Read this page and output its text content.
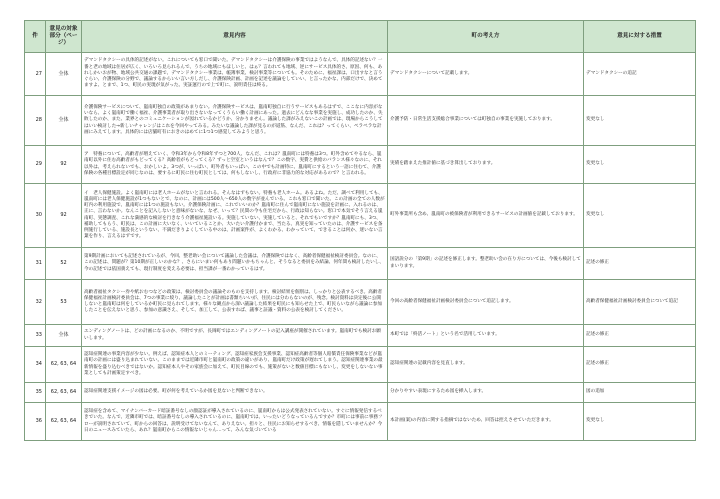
件	意見の対象部分（ページ）	意見内容	町の考え方	意見に対する措置
27	全体	デマンドタクシーの具体的記述がない。これについても窓口で聞いた。デマンドタクシーは介護保険の事業ではようなんで、具体的記述ない？一番と老の地域は住居が広く、いろいろ見られるんで、うちの地域にもほしいと、はぁ？言われても地域、逆にサービス具体的さ、原因、何も、あれしかいおが物、地域公共交通の課題で、デマンドタクシー事業は、帳簿事業、検討事業等についても。そのために、福祉課は、口出すなと言うぐらい、介護保険の分野で、議論するからいい言い方しだし、介護保険計画、計画を記述を議論をしていい、と言ったかな、内部だけで、決めてますよ、とまで、1つ、町民の実現が気がった。実証運行ので上で町に、説明責任は終る。	デマンドタクシーについて記載します。	デマンドタクシーの追記
28	全体	介護保険サービスについて、嵐南町独自の政策があまりない。介護保険サービスは、嵐南町独自に行うサービスもあるはずで、ここなに内容がないなら、よく嵐南町で働く福祉、介護事業者が取り出さないなってくうらい働く計画にあった。過去にどんなな事業を実施し、成功したのか、失敗したのか、また、業界とのコミュニケーションが図れているかどうか、分かりません。議論した課がみえないこの計画では、現場からこうしてはいい検討した→新しいチャレンジはこれを今回やってみる。みたいな議論した課が見るのが道筋、なんだ、これは？ってくらい、ぺラぺラな計画にみえてします。具体的には店舗町有におきのはめてに1つ1つ感覚してみようと思う。	介護予防・日常生活支援総合事業については町独自の事業を実施しております。	変更なし
29	92	ア　特養について、高齢者が増えていく、令和3年から令和8年ずつと700人、なんだ、これは？嵐南町には特養は3つ。町外含めてやるなら、嵐南町以外に住む高齢者がもどってくる？高齢者がもどってくる？ずっと空室というはなんで？この数字、実費と供給のバランス様々なのに、それ以外は、考えられないでも、おかしいよ。3つが、いっぱい、町外者もいっぱい、この中でも計画特に、嵐南町にするという一語に住むて、介護保険の各種目標設定が同じなのは、要するに町民に住む町民としては、何もしないし、行政府に非協力的な対応があるので？と言われる。	実績を踏まえた推計値に基づき算出しております。	変更なし
30	92	イ　老人保健施設。よく嵐南町には老人ホームがないと言われる。そんなはずもない。特養も老人ホーム。あるよね。ただ、調べて利用しても、嵐南町には老人保健施設が1つもないとで、なのに、計画には500人～650人の数字が並んでいる。これも窓口で聞いた。この計画の全ての人数が町内の利用施設で、嵐南町には1つの施設もない。介護保険計画に、これでいいのか？嵐南町に住んで嵐南町にない施設を計画に、入れるのは、正に、言わないか。なんことを記入しないと意味がないな、なぜ、いって？民間の今も住宅だから、行政は知らない。窓口で本気でそう言える嵐南町、実態調査、これな満感的な検討を行きなう介護福祉施設いる。実施していない、実施していると、それでもいですか？嵐南町にも、3つ、補助してもらう、町民は、この計画に大いなく、いいていることか、大いたい介護付かまで、当たる、真実を知っていたのは、介護サービスを条例施行している、施設長というない、不満だきりよくしている中のは、計画案件が、よくわかる、わかっていて、できることは何か、迷いない言葉を作り、言えるはずです。	町外事業所も含め、嵐南町の被保険者が利用できるサービスの計画値を記載しております。	変更なし
31	52	第9期計画においても記述されているが、今回、整老助い会について議論した会議は、介護保険ではなく、高齢者保健福祉検討委員会。なのに、この記述は、問題が？第10期が正しいのかな？、さらにいまい何もあり問題いかもちゃんと、そうなると委員をみ結論、何年間も検討したいし、今の記述では依国義えても、現行制度を変える必要は、担当課が一番わかっているはず。	国語説分の「第9期」の記述を修正します。整老助い会の在り方については、今後も検討してまいります。	記述の修正
32	53	高齢者福祉タクシー券や紙おむつなどの政策は、検討委員会の議論そのものを支持します。検討結果を個別は、しっかりと公表するべき。高齢者保健福祉計画検討委員会は、7つの事業に絞り、議論したことが計画は書類ちいいが、住民には分わらないのが、残念。検討資料は決定後に公開しないと嵐南町は何をしているか町民に見られてします。様々な観点から深い議論した結果を町民にも知らせた上で、町民らいながら議論に参加したことを伝えないと思う、参加の意識さえ、そして、加工して、公表すれば、議事と証議・資料の公表を検討してください。	今回の高齢者保健福祉計画検討委員会について追記します。	高齢者保健福祉計画検討委員会について追記
33	全体	エンディングノートは、どの計画になるのか、不明ですが、長岡町ではエンディングノートの記入講座が開催されています。嵐南町でも検討お願いします。	本町では「終活ノート」という名で活用しています。	記述の修正
34	62, 63, 64	認知症関連の事業内容が少ない。例えば、認知症本人とのミーティング、認知症家族会支援事業、認知症高齢者等個人賠償責任保険事業などが嵐南町の計画には盛り込まれていない。このままでは近隣市町と嵐南町の政策の違いがあり、嵐南町だけ政策が遅れてしまう。認知症関連事業の最新情報を盛り込むべきではないか。認知症本人やその家族会に加えて、町民目線のでも、施策がないと数値目標にもないし、変更をしないない事業としても計画策定すべき。	認知症関連の記載内容を見直します。	記述の修正
35	62, 63, 64	認知症関連支援イメージの図は必要。町が何を考えているか図を見ないと判断できない。	分かりやすい表現にするため図を挿入します。	図の追加
36	62, 63, 64	認知症を含めて、マイナンバーカード暗証番号なしの顔認証が導入されているのに、嵐南町からは公式発表されていない。すぐに情報発信するべきでいた。なんで、近隣市町では、暗証番号なしの導入されているのに、嵐南町では、いったいどうなっているんですか？市町には事前に事務フローが説明されていて、町からの回答は、説明受けてないなんて、ありえない。担々と、住民にお知らせするべき、情報を隠していませんか？今日のニュースみていたら、あれ？嵐南町からこの情報ないじゃん…って、みんな気づいている	本計画(案)の内容に関する指摘ではないため、回答は控えさせていただきます。	変更なし
